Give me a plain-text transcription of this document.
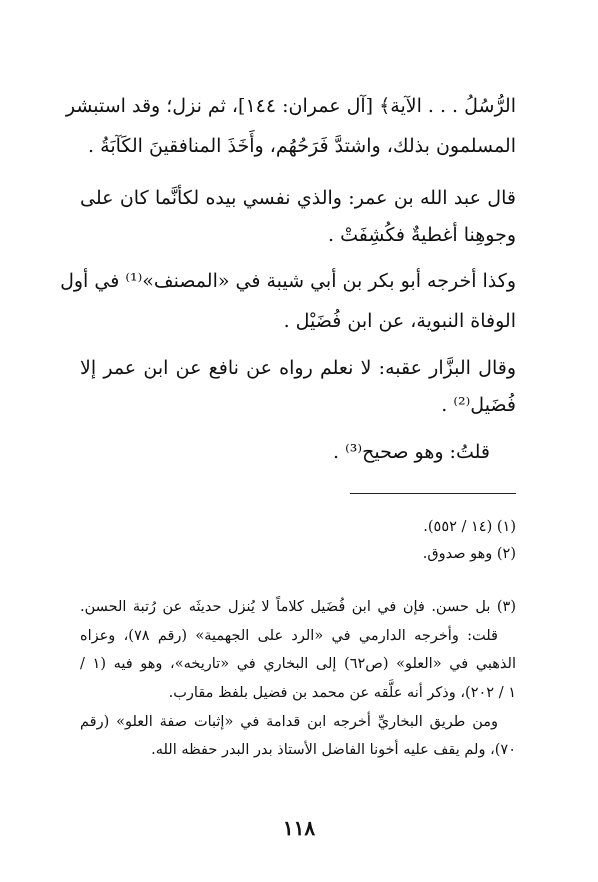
الرُّسُلُ . . . الآية﴾ [آل عمران: ١٤٤]، ثم نزل؛ وقد استبشر
المسلمون بذلك، واشتدَّ فَرَحُهُم، وأَخَذَ المنافقينَ الكَآبَةُ .
قال عبد الله بن عمر: والذي نفسي بيده لكأنَّما كان على
وجوهِنا أغطيةٌ فكُشِفَتْ .
وكذا أخرجه أبو بكر بن أبي شيبة في «المصنف»⁽¹⁾ في أول
الوفاة النبوية، عن ابن فُضَيْل .
وقال البزَّار عقبه: لا نعلم رواه عن نافع عن ابن عمر إلا
فُضَيل⁽²⁾ .
قلتُ: وهو صحيح⁽³⁾ .
(١) (١٤ / ٥٥٢).
(٢) وهو صدوق.
(٣) بل حسن. فإن في ابن فُضَيل كلاماً لا يُنزل حديثَه عن رُتبة الحسن.
قلت: وأخرجه الدارمي في «الرد على الجهمية» (رقم ٧٨)، وعزاه
الذهبي في «العلو» (ص٦٢) إلى البخاري في «تاريخه»، وهو فيه (١ /
١ / ٢٠٢)، وذكر أنه علَّقه عن محمد بن فضيل بلفظ مقارب.
ومن طريق البخاريِّ أخرجه ابن قدامة في «إثبات صفة العلو» (رقم
٧٠)، ولم يقف عليه أخونا الفاضل الأستاذ بدر البدر حفظه الله.
١١٨
